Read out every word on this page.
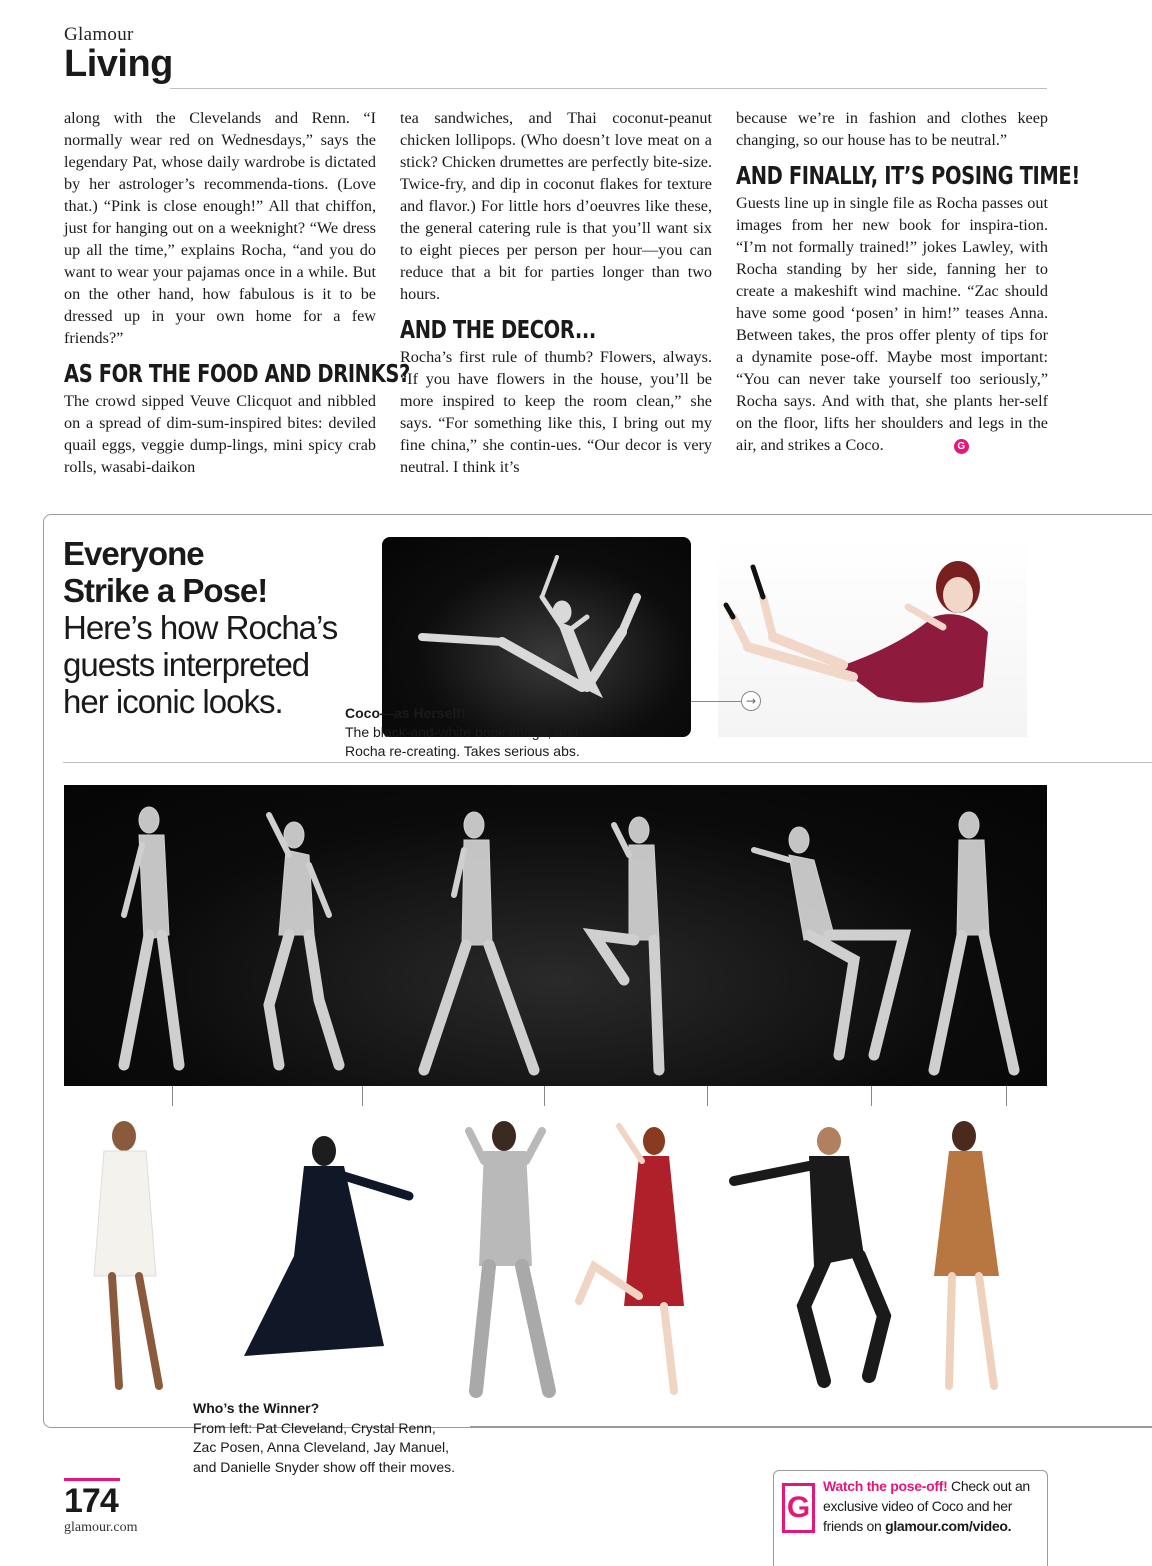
Glamour
Living

along with the Clevelands and Renn. “I normally wear red on Wednesdays,” says the legendary Pat, whose daily wardrobe is dictated by her astrologer’s recommenda-tions. (Love that.) “Pink is close enough!” All that chiffon, just for hanging out on a weeknight? “We dress up all the time,” explains Rocha, “and you do want to wear your pajamas once in a while. But on the other hand, how fabulous is it to be dressed up in your own home for a few friends?”

AS FOR THE FOOD AND DRINKS?

The crowd sipped Veuve Clicquot and nibbled on a spread of dim-sum-inspired bites: deviled quail eggs, veggie dump-lings, mini spicy crab rolls, wasabi-daikon

tea sandwiches, and Thai coconut-peanut chicken lollipops. (Who doesn’t love meat on a stick? Chicken drumettes are perfectly bite-size. Twice-fry, and dip in coconut flakes for texture and flavor.) For little hors d’oeuvres like these, the general catering rule is that you’ll want six to eight pieces per person per hour—you can reduce that a bit for parties longer than two hours.

AND THE DECOR...

Rocha’s first rule of thumb? Flowers, always. “If you have flowers in the house, you’ll be more inspired to keep the room clean,” she says. “For something like this, I bring out my fine china,” she contin-ues. “Our decor is very neutral. I think it’s

because we’re in fashion and clothes keep changing, so our house has to be neutral.”

AND FINALLY, IT’S POSING TIME!

Guests line up in single file as Rocha passes out images from her new book for inspira-tion. “I’m not formally trained!” jokes Lawley, with Rocha standing by her side, fanning her to create a makeshift wind machine. “Zac should have some good ‘posen’ in him!” teases Anna. Between takes, the pros offer plenty of tips for a dynamite pose-off. Maybe most important: “You can never take yourself too seriously,” Rocha says. And with that, she plants her-self on the floor, lifts her shoulders and legs in the air, and strikes a Coco.	G

Everyone
Strike a Pose!
Here’s how Rocha’s
guests interpreted
her iconic looks.	→
Coco—as Herself!
The black-and-white book image, and
Rocha re-creating. Takes serious abs.
Who’s the Winner?
From left: Pat Cleveland, Crystal Renn,
Zac Posen, Anna Cleveland, Jay Manuel,
and Danielle Snyder show off their moves.
174
glamour.com
G
Watch the pose-off! Check out an exclusive video of Coco and her friends on glamour.com/video.
